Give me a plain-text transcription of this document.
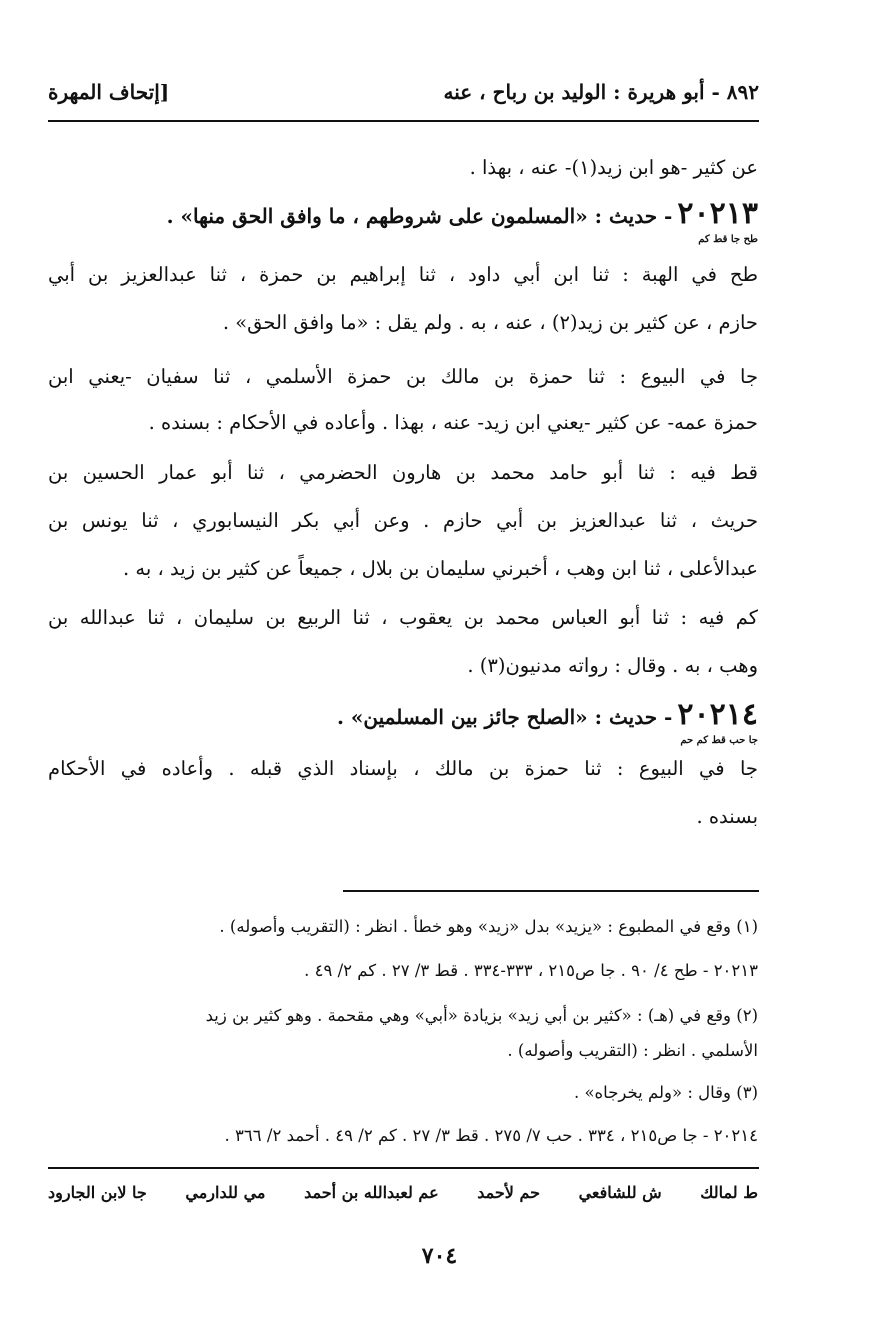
٨٩٢ - أبو هريرة : الوليد بن رباح ، عنه
[إتحاف المهرة
عن كثير -هو ابن زيد(١)- عنه ، بهذا .
٢٠٢١٣ - حديث : «المسلمون على شروطهم ، ما وافق الحق منها» .
طح جا قط كم
طح في الهبة : ثنا ابن أبي داود ، ثنا إبراهيم بن حمزة ، ثنا عبدالعزيز بن أبي
حازم ، عن كثير بن زيد(٢) ، عنه ، به . ولم يقل : «ما وافق الحق» .
جا في البيوع : ثنا حمزة بن مالك بن حمزة الأسلمي ، ثنا سفيان -يعني ابن
حمزة عمه- عن كثير -يعني ابن زيد- عنه ، بهذا . وأعاده في الأحكام : بسنده .
قط فيه : ثنا أبو حامد محمد بن هارون الحضرمي ، ثنا أبو عمار الحسين بن
حريث ، ثنا عبدالعزيز بن أبي حازم . وعن أبي بكر النيسابوري ، ثنا يونس بن
عبدالأعلى ، ثنا ابن وهب ، أخبرني سليمان بن بلال ، جميعاً عن كثير بن زيد ، به .
كم فيه : ثنا أبو العباس محمد بن يعقوب ، ثنا الربيع بن سليمان ، ثنا عبدالله بن
وهب ، به . وقال : رواته مدنيون(٣) .
٢٠٢١٤ - حديث : «الصلح جائز بين المسلمين» .
جا حب قط كم حم
جا في البيوع : ثنا حمزة بن مالك ، بإسناد الذي قبله . وأعاده في الأحكام
بسنده .
(١) وقع في المطبوع : «يزيد» بدل «زيد» وهو خطأ . انظر : (التقريب وأصوله) .
٢٠٢١٣ - طح ٤/ ٩٠ . جا ص٢١٥ ، ٣٣٣-٣٣٤ . قط ٣/ ٢٧ . كم ٢/ ٤٩ .
(٢) وقع في (هـ) : «كثير بن أبي زيد» بزيادة «أبي» وهي مقحمة . وهو كثير بن زيد
الأسلمي . انظر : (التقريب وأصوله) .
(٣) وقال : «ولم يخرجاه» .
٢٠٢١٤ - جا ص٢١٥ ، ٣٣٤ . حب ٧/ ٢٧٥ . قط ٣/ ٢٧ . كم ٢/ ٤٩ . أحمد ٢/ ٣٦٦ .
ط لمالك
ش للشافعي
حم لأحمد
عم لعبدالله بن أحمد
مي للدارمي
جا لابن الجارود
٧٠٤
